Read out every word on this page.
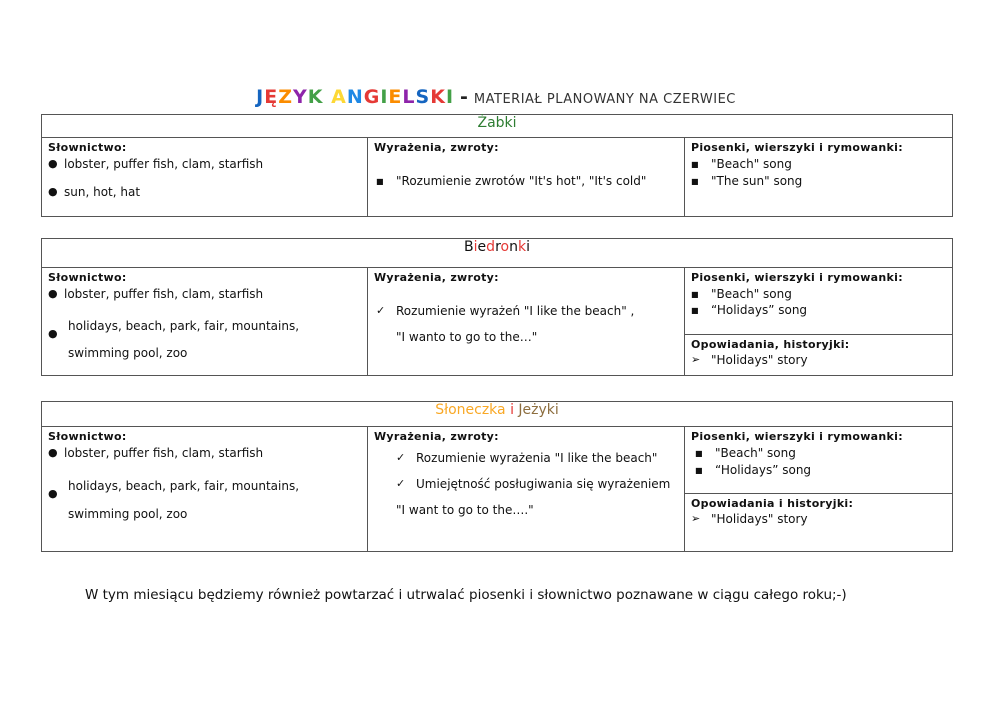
JĘZYK ANGIELSKI - MATERIAŁ PLANOWANY NA CZERWIEC
Żabki

Słownictwo:
● lobster, puffer fish, clam, starfish
● sun, hot, hat

Wyrażenia, zwroty:
■ "Rozumienie zwrotów "It's hot", "It's cold"

Piosenki, wierszyki i rymowanki:
■ "Beach" song
■ "The sun" song
Biedronki

Słownictwo:
● lobster, puffer fish, clam, starfish
●
holidays, beach, park, fair, mountains, swimming pool, zoo

Wyrażenia, zwroty:
✓ Rozumienie wyrażeń "I like the beach" ,
"I wanto to go to the…"

Piosenki, wierszyki i rymowanki:
■ "Beach" song
■ “Holidays” song

Opowiadania, historyjki:
➢ "Holidays" story
Słoneczka i Jeżyki

Słownictwo:
● lobster, puffer fish, clam, starfish
●
holidays, beach, park, fair, mountains, swimming pool, zoo

Wyrażenia, zwroty:
✓ Rozumienie wyrażenia "I like the beach"
✓ Umiejętność posługiwania się wyrażeniem
"I want to go to the…."

Piosenki, wierszyki i rymowanki:
■ "Beach" song
■ “Holidays” song

Opowiadania i historyjki:
➢ "Holidays" story
W tym miesiącu będziemy również powtarzać i utrwalać piosenki i słownictwo poznawane w ciągu całego roku;-)
